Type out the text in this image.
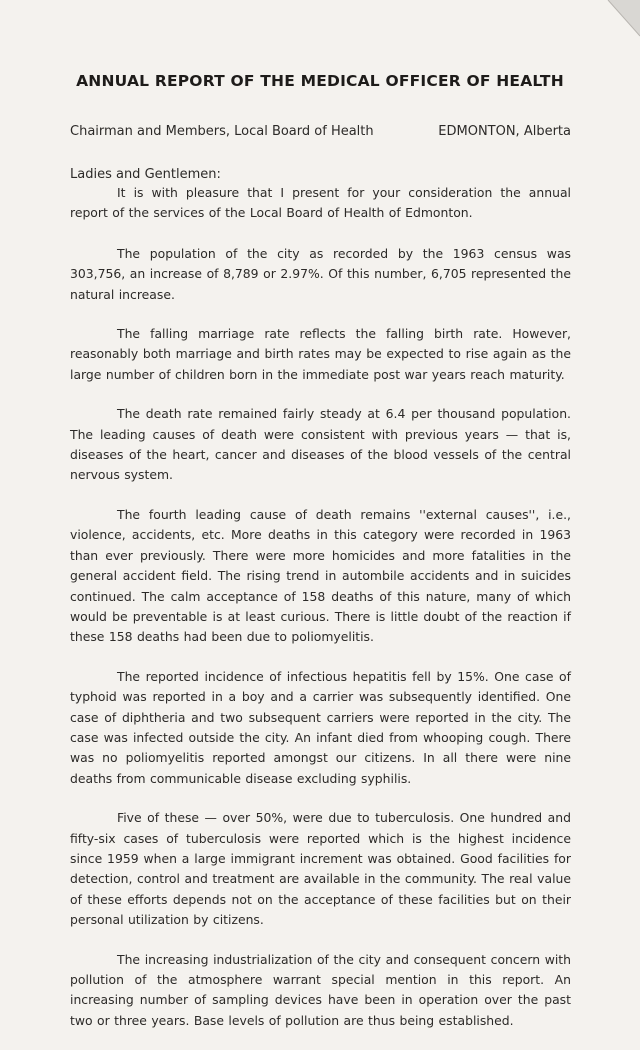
ANNUAL REPORT OF THE MEDICAL OFFICER OF HEALTH
Chairman and Members, Local Board of Health	EDMONTON, Alberta

Ladies and Gentlemen:

It is with pleasure that I present for your consideration the annual report of the services of the Local Board of Health of Edmonton.

The population of the city as recorded by the 1963 census was 303,756, an increase of 8,789 or 2.97%. Of this number, 6,705 represented the natural increase.

The falling marriage rate reflects the falling birth rate. However, reasonably both marriage and birth rates may be expected to rise again as the large number of children born in the immediate post war years reach maturity.

The death rate remained fairly steady at 6.4 per thousand population. The leading causes of death were consistent with previous years — that is, diseases of the heart, cancer and diseases of the blood vessels of the central nervous system.

The fourth leading cause of death remains ''external causes'', i.e., violence, accidents, etc. More deaths in this category were recorded in 1963 than ever previously. There were more homicides and more fatalities in the general accident field. The rising trend in autombile accidents and in suicides continued. The calm acceptance of 158 deaths of this nature, many of which would be preventable is at least curious. There is little doubt of the reaction if these 158 deaths had been due to poliomyelitis.

The reported incidence of infectious hepatitis fell by 15%. One case of typhoid was reported in a boy and a carrier was subsequently identified. One case of diphtheria and two subsequent carriers were reported in the city. The case was infected outside the city. An infant died from whooping cough. There was no poliomyelitis reported amongst our citizens. In all there were nine deaths from communicable disease excluding syphilis.

Five of these — over 50%, were due to tuberculosis. One hundred and fifty-six cases of tuberculosis were reported which is the highest incidence since 1959 when a large immigrant increment was obtained. Good facilities for detection, control and treatment are available in the community. The real value of these efforts depends not on the acceptance of these facilities but on their personal utilization by citizens.

The increasing industrialization of the city and consequent concern with pollution of the atmosphere warrant special mention in this report. An increasing number of sampling devices have been in operation over the past two or three years. Base levels of pollution are thus being established.
